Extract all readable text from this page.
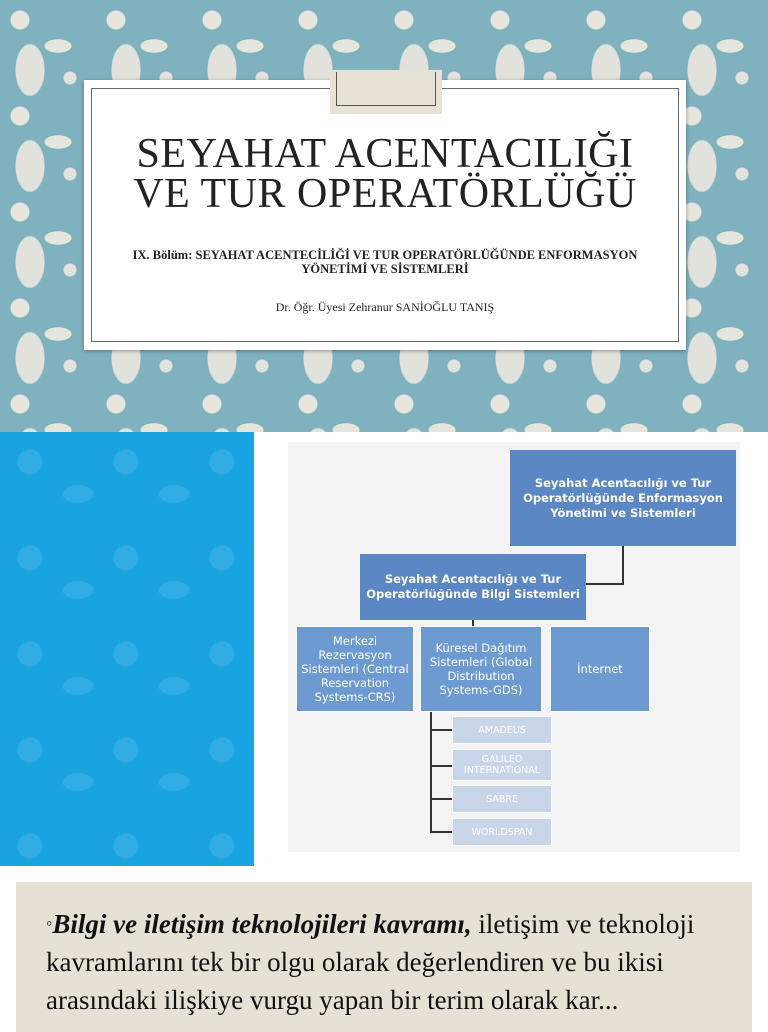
SEYAHAT ACENTACILIĞI
VE TUR OPERATÖRLÜĞÜ
IX. Bölüm: SEYAHAT ACENTECİLİĞİ VE TUR OPERATÖRLÜĞÜNDE ENFORMASYON
YÖNETİMİ VE SİSTEMLERİ
Dr. Öğr. Üyesi Zehranur SANİOĞLU TANIŞ
Seyahat Acentacılığı ve Tur Operatörlüğünde Enformasyon Yönetimi ve Sistemleri
Seyahat Acentacılığı ve Tur Operatörlüğünde Bilgi Sistemleri
Merkezi Rezervasyon Sistemleri (Central Reservation Systems-CRS)
Küresel Dağıtım Sistemleri (Global Distribution Systems-GDS)
İnternet
AMADEUS
GALILEO INTERNATIONAL
SABRE
WORLDSPAN
◦Bilgi ve iletişim teknolojileri kavramı, iletişim ve teknoloji kavramlarını tek bir olgu olarak değerlendiren ve bu ikisi arasındaki ilişkiye vurgu yapan bir terim olarak kar...
